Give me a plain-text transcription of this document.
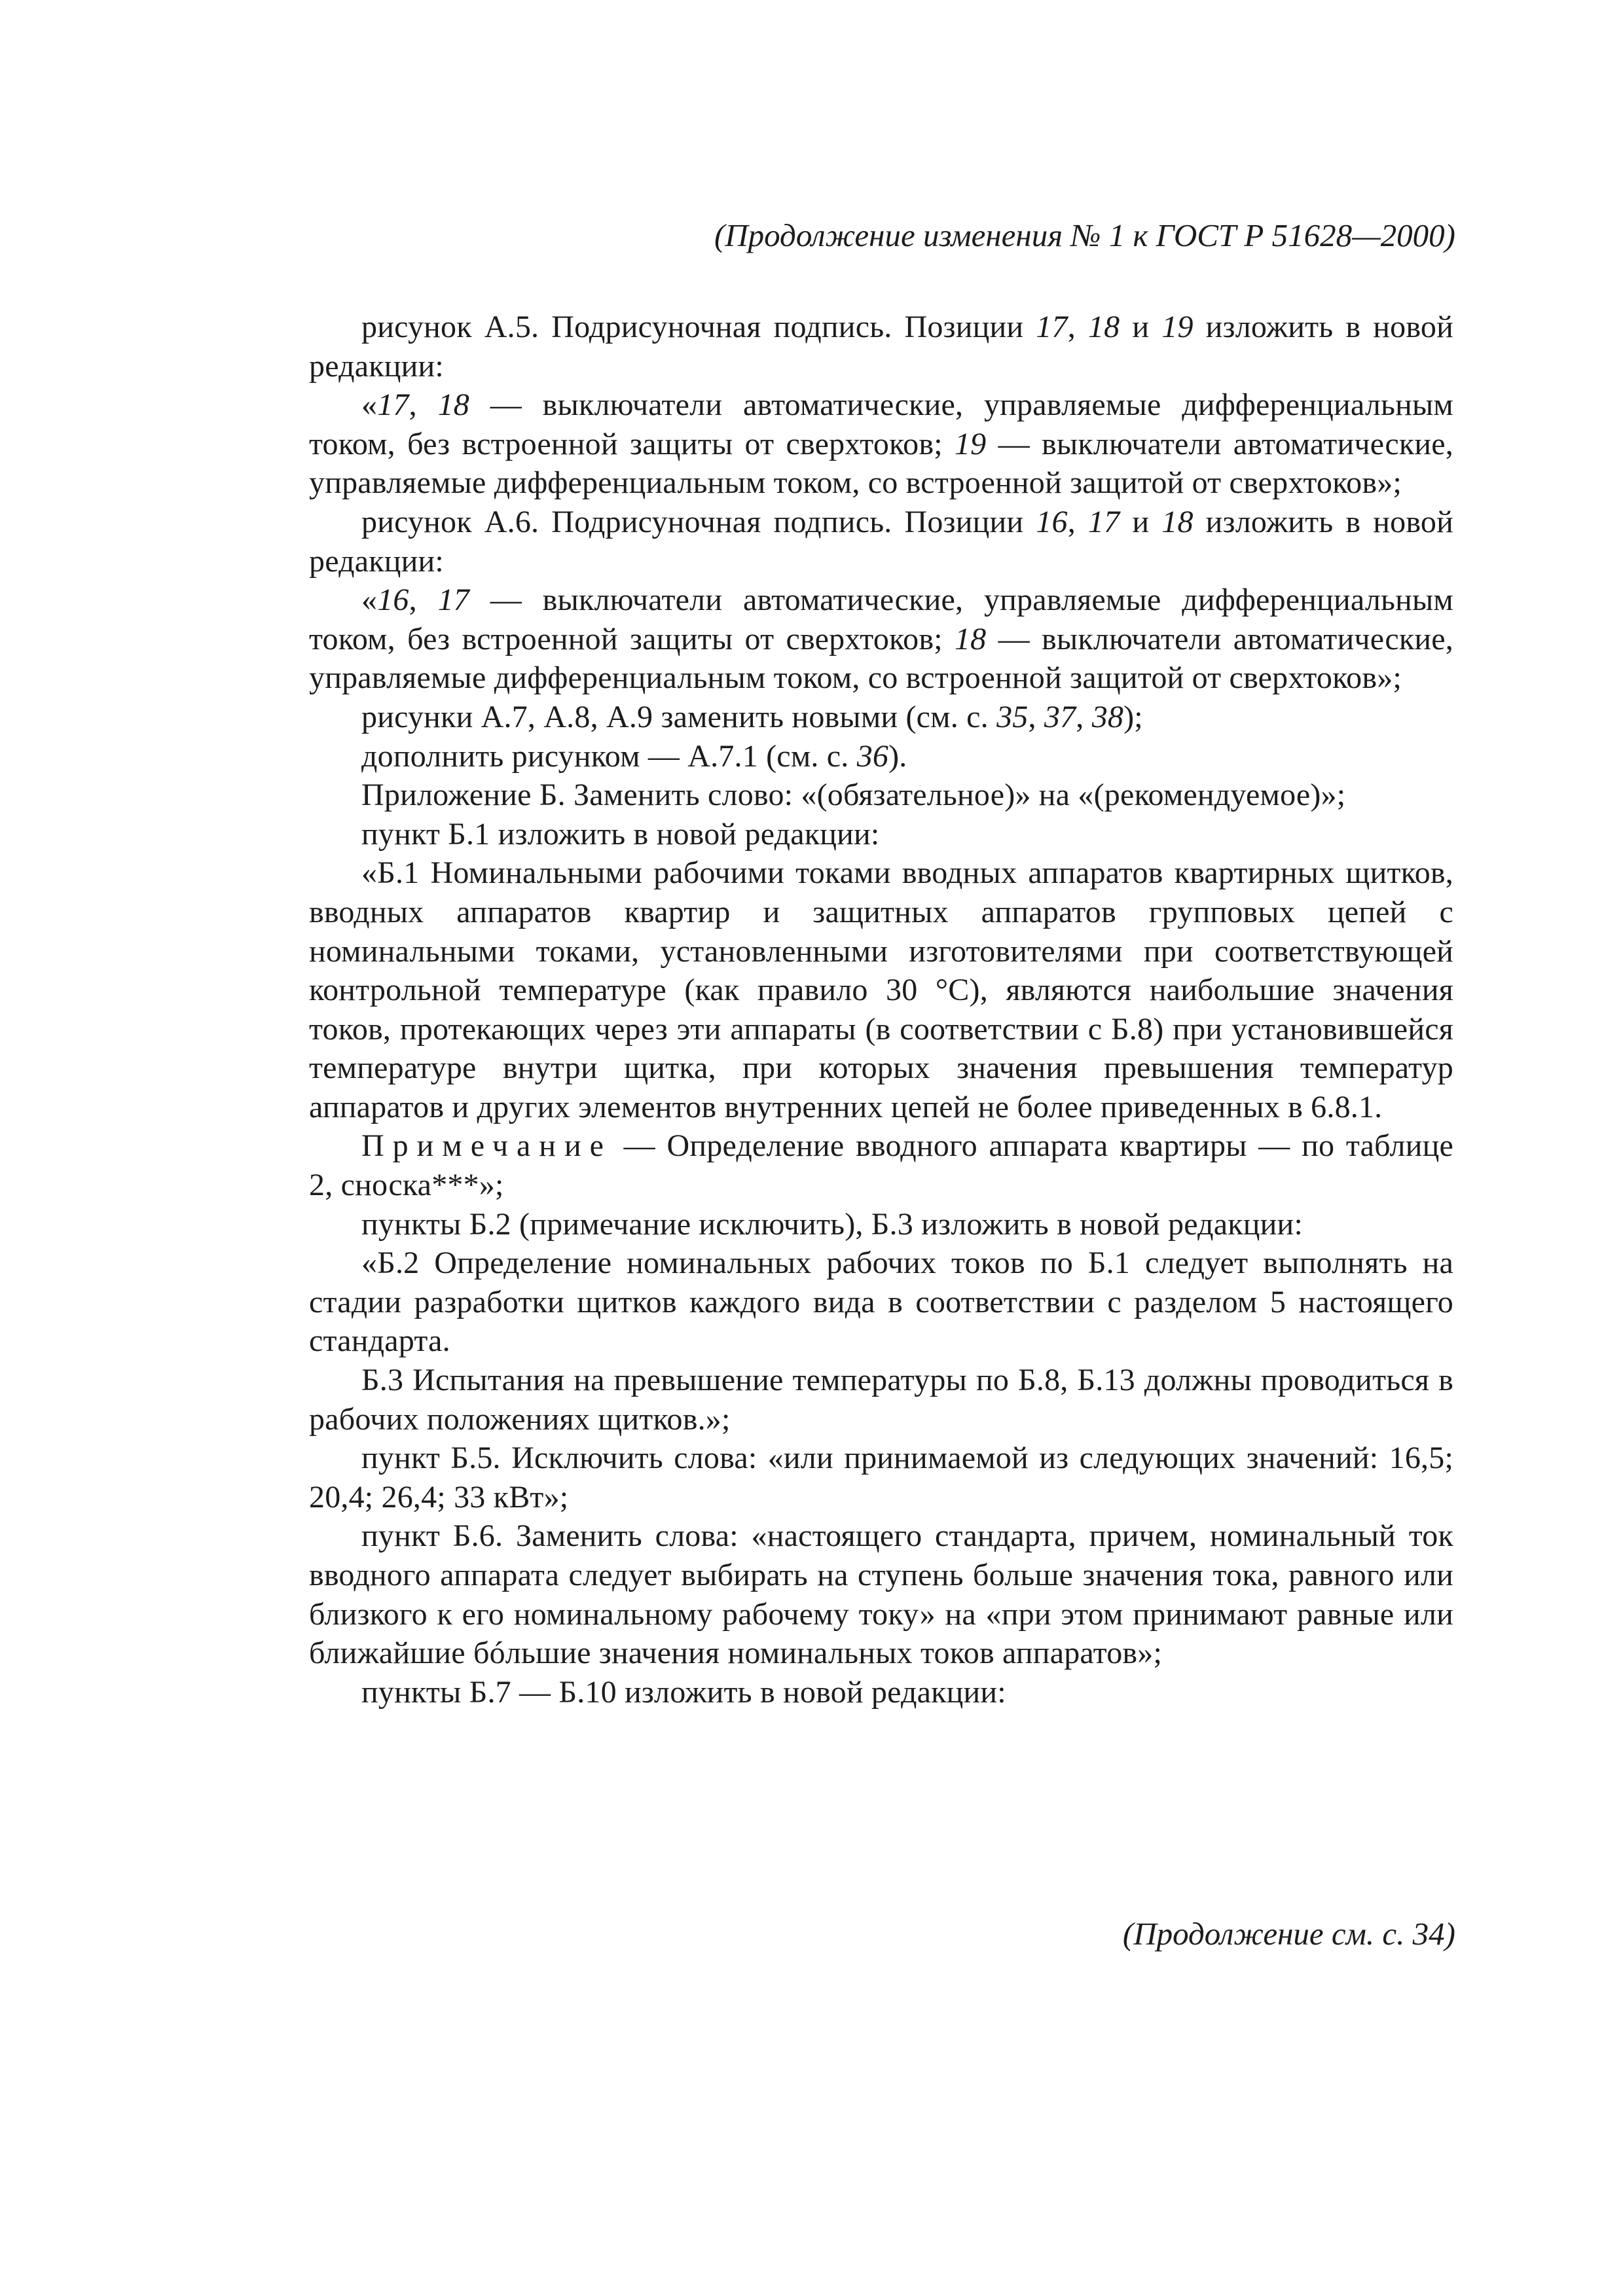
(Продолжение изменения № 1 к ГОСТ Р 51628—2000)

рисунок А.5. Подрисуночная подпись. Позиции 17, 18 и 19 изложить в новой редакции:

«17, 18 — выключатели автоматические, управляемые дифференциальным током, без встроенной защиты от сверхтоков; 19 — выключатели автоматические, управляемые дифференциальным током, со встроенной защитой от сверхтоков»;

рисунок А.6. Подрисуночная подпись. Позиции 16, 17 и 18 изложить в новой редакции:

«16, 17 — выключатели автоматические, управляемые дифференциальным током, без встроенной защиты от сверхтоков; 18 — выключатели автоматические, управляемые дифференциальным током, со встроенной защитой от сверхтоков»;

рисунки А.7, А.8, А.9 заменить новыми (см. с. 35, 37, 38);

дополнить рисунком — А.7.1 (см. с. 36).

Приложение Б. Заменить слово: «(обязательное)» на «(рекомендуемое)»;

пункт Б.1 изложить в новой редакции:

«Б.1 Номинальными рабочими токами вводных аппаратов квартирных щитков, вводных аппаратов квартир и защитных аппаратов групповых цепей с номинальными токами, установленными изготовителями при соответствующей контрольной температуре (как правило 30 °С), являются наибольшие значения токов, протекающих через эти аппараты (в соответствии с Б.8) при установившейся температуре внутри щитка, при которых значения превышения температур аппаратов и других элементов внутренних цепей не более приведенных в 6.8.1.

Примечание — Определение вводного аппарата квартиры — по таблице 2, сноска***»;

пункты Б.2 (примечание исключить), Б.3 изложить в новой редакции:

«Б.2 Определение номинальных рабочих токов по Б.1 следует выполнять на стадии разработки щитков каждого вида в соответствии с разделом 5 настоящего стандарта.

Б.3 Испытания на превышение температуры по Б.8, Б.13 должны проводиться в рабочих положениях щитков.»;

пункт Б.5. Исключить слова: «или принимаемой из следующих значений: 16,5; 20,4; 26,4; 33 кВт»;

пункт Б.6. Заменить слова: «настоящего стандарта, причем, номинальный ток вводного аппарата следует выбирать на ступень больше значения тока, равного или близкого к его номинальному рабочему току» на «при этом принимают равные или ближайшие бóльшие значения номинальных токов аппаратов»;

пункты Б.7 — Б.10 изложить в новой редакции:

(Продолжение см. с. 34)
